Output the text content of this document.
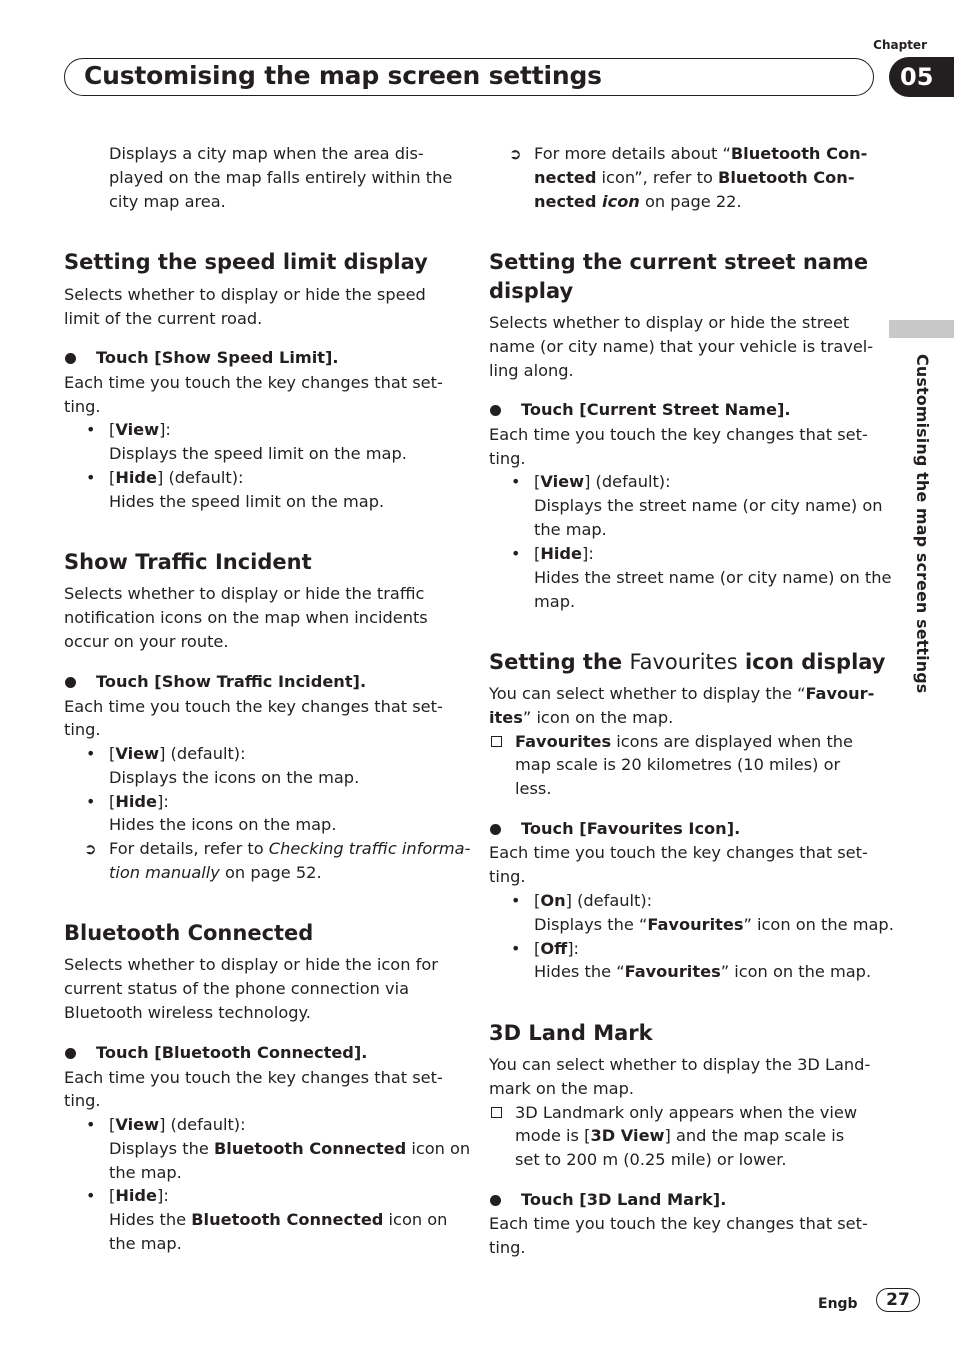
Chapter
Customising the map screen settings	05
Customising the map screen settings
Displays a city map when the area dis-
played on the map falls entirely within the
city map area.
Setting the speed limit display
Selects whether to display or hide the speed
limit of the current road.
Touch [Show Speed Limit].
Each time you touch the key changes that set-
ting.
• [View]:
Displays the speed limit on the map.
• [Hide] (default):
Hides the speed limit on the map.
Show Traffic Incident
Selects whether to display or hide the traffic
notification icons on the map when incidents
occur on your route.
Touch [Show Traffic Incident].
Each time you touch the key changes that set-
ting.
• [View] (default):
Displays the icons on the map.
• [Hide]:
Hides the icons on the map.
➲ For details, refer to Checking traffic informa-
tion manually on page 52.
Bluetooth Connected
Selects whether to display or hide the icon for
current status of the phone connection via
Bluetooth wireless technology.
Touch [Bluetooth Connected].
Each time you touch the key changes that set-
ting.
• [View] (default):
Displays the Bluetooth Connected icon on
the map.
• [Hide]:
Hides the Bluetooth Connected icon on
the map.
➲ For more details about “Bluetooth Con-
nected icon”, refer to Bluetooth Con-
nected icon on page 22.
Setting the current street name
display
Selects whether to display or hide the street
name (or city name) that your vehicle is travel-
ling along.
Touch [Current Street Name].
Each time you touch the key changes that set-
ting.
• [View] (default):
Displays the street name (or city name) on
the map.
• [Hide]:
Hides the street name (or city name) on the
map.
Setting the Favourites icon display
You can select whether to display the “Favour-
ites” icon on the map.
Favourites icons are displayed when the
map scale is 20 kilometres (10 miles) or
less.
Touch [Favourites Icon].
Each time you touch the key changes that set-
ting.
• [On] (default):
Displays the “Favourites” icon on the map.
• [Off]:
Hides the “Favourites” icon on the map.
3D Land Mark
You can select whether to display the 3D Land-
mark on the map.
3D Landmark only appears when the view
mode is [3D View] and the map scale is
set to 200 m (0.25 mile) or lower.
Touch [3D Land Mark].
Each time you touch the key changes that set-
ting.
Engb	27
